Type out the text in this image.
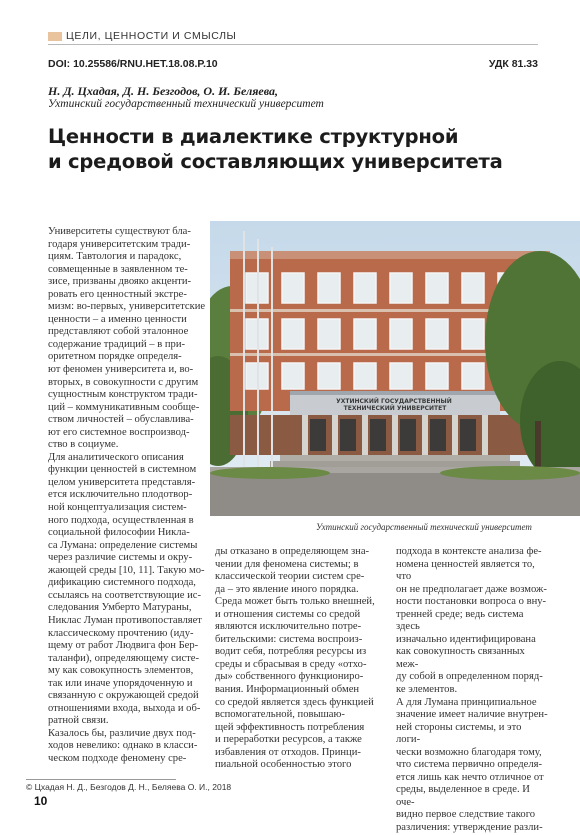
ЦЕЛИ, ЦЕННОСТИ И СМЫСЛЫ
DOI: 10.25586/RNU.HET.18.08.P.10	УДК 81.33
Н. Д. Цхадая, Д. Н. Безгодов, О. И. Беляева,
Ухтинский государственный технический университет
Ценности в диалектике структурной
и средовой составляющих университета

Университеты существуют бла-
годаря университетским тради-
циям. Тавтология и парадокс,
совмещенные в заявленном те-
зисе, призваны двояко акценти-
ровать его ценностный экстре-
мизм: во-первых, университетские
ценности – а именно ценности
представляют собой эталонное
содержание традиций – в при-
оритетном порядке определя-
ют феномен университета и, во-
вторых, в совокупности с другим
сущностным конструктом тради-
ций – коммуникативным сообще-
ством личностей – обуславлива-
ют его системное воспроизвод-
ство в социуме.
Для аналитического описания
функции ценностей в системном
целом университета представля-
ется исключительно плодотвор-
ной концептуализация систем-
ного подхода, осуществленная в
социальной философии Никла-
са Лумана: определение системы
через различие системы и окру-
жающей среды [10, 11]. Такую мо-
дификацию системного подхода,
ссылаясь на соответствующие ис-
следования Умберто Матураны,
Никлас Луман противопоставляет
классическому прочтению (иду-
щему от работ Людвига фон Бер-
таланфи), определяющему систе-
му как совокупность элементов,
так или иначе упорядоченную и
связанную с окружающей средой
отношениями входа, выхода и об-
ратной связи.
Казалось бы, различие двух под-
ходов невелико: однако в класси-
ческом подходе феномену сре-

УХТИНСКИЙ ГОСУДАРСТВЕННЫЙ ТЕХНИЧЕСКИЙ УНИВЕРСИТЕТ
Ухтинский государственный технический университет

ды отказано в определяющем зна-
чении для феномена системы; в
классической теории систем сре-
да – это явление иного порядка.
Среда может быть только внешней,
и отношения системы со средой
являются исключительно потре-
бительскими: система воспроиз-
водит себя, потребляя ресурсы из
среды и сбрасывая в среду «отхо-
ды» собственного функциониро-
вания. Информационный обмен
со средой является здесь функцией
вспомогательной, повышаю-
щей эффективность потребления
и переработки ресурсов, а также
избавления от отходов. Принци-
пиальной особенностью этого

подхода в контексте анализа фе-
номена ценностей является то, что
он не предполагает даже возмож-
ности постановки вопроса о вну-
тренней среде; ведь система здесь
изначально идентифицирована
как совокупность связанных меж-
ду собой в определенном поряд-
ке элементов.
А для Лумана принципиальное
значение имеет наличие внутрен-
ней стороны системы, и это логи-
чески возможно благодаря тому,
что система первично определя-
ется лишь как нечто отличное от
среды, выделенное в среде. И оче-
видно первое следствие такого
различения: утверждение разли-

© Цхадая Н. Д., Безгодов Д. Н., Беляева О. И., 2018
10
